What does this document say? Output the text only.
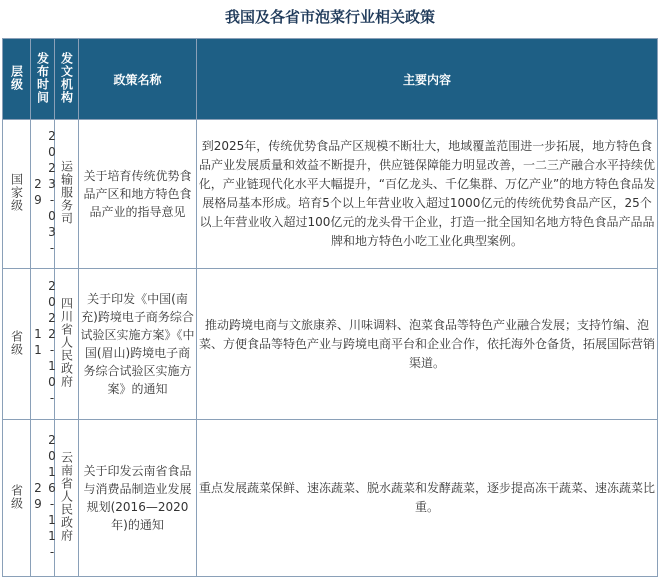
我国及各省市泡菜行业相关政策
层级	发布时间	发文机构	政策名称	主要内容
国家级	2023-03-29	运输服务司	关于培育传统优势食品产区和地方特色食品产业的指导意见	到2025年，传统优势食品产区规模不断壮大，地域覆盖范围进一步拓展，地方特色食品产业发展质量和效益不断提升，供应链保障能力明显改善，一二三产融合水平持续优化，产业链现代化水平大幅提升，“百亿龙头、千亿集群、万亿产业”的地方特色食品发展格局基本形成。培育5个以上年营业收入超过1000亿元的传统优势食品产区，25个以上年营业收入超过100亿元的龙头骨干企业，打造一批全国知名地方特色食品产品品牌和地方特色小吃工业化典型案例。
省级	2022-10-11	四川省人民政府	关于印发《中国(南充)跨境电子商务综合试验区实施方案》《中国(眉山)跨境电子商务综合试验区实施方案》的通知	推动跨境电商与文旅康养、川味调料、泡菜食品等特色产业融合发展；支持竹编、泡菜、方便食品等特色产业与跨境电商平台和企业合作，依托海外仓备货，拓展国际营销渠道。
省级	2016-11-29	云南省人民政府	关于印发云南省食品与消费品制造业发展规划(2016—2020年)的通知	重点发展蔬菜保鲜、速冻蔬菜、脱水蔬菜和发酵蔬菜，逐步提高冻干蔬菜、速冻蔬菜比重。
